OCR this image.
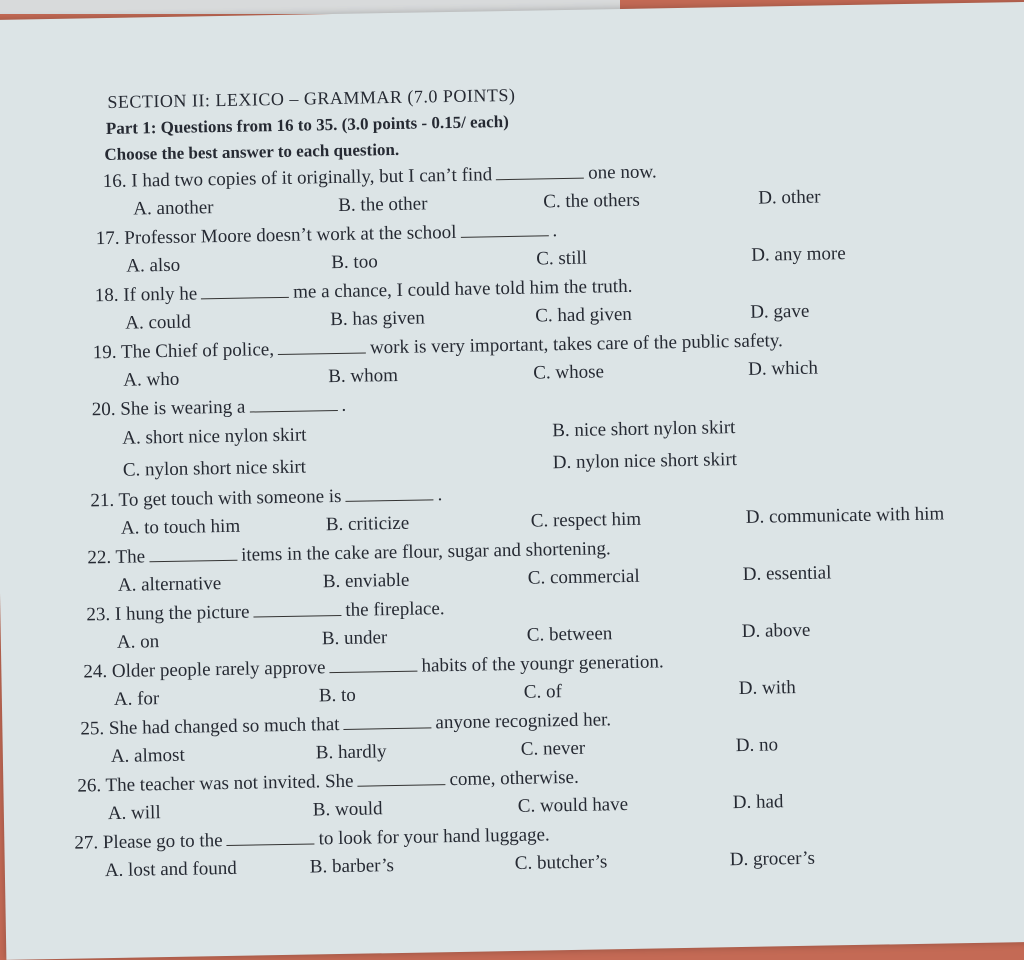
SECTION II: LEXICO – GRAMMAR (7.0 POINTS)
Part 1: Questions from 16 to 35. (3.0 points - 0.15/ each)
Choose the best answer to each question.
16. I had two copies of it originally, but I can’t find	one now.
A. another	B. the other	C. the others	D. other
17. Professor Moore doesn’t work at the school	.
A. also	B. too	C. still	D. any more
18. If only he	me a chance, I could have told him the truth.
A. could	B. has given	C. had given	D. gave
19. The Chief of police,	work is very important, takes care of the public safety.
A. who	B. whom	C. whose	D. which
20. She is wearing a	.
A. short nice nylon skirt	B. nice short nylon skirt
C. nylon short nice skirt	D. nylon nice short skirt
21. To get touch with someone is	.
A. to touch him	B. criticize	C. respect him	D. communicate with him
22. The	items in the cake are flour, sugar and shortening.
A. alternative	B. enviable	C. commercial	D. essential
23. I hung the picture	the fireplace.
A. on	B. under	C. between	D. above
24. Older people rarely approve	habits of the youngr generation.
A. for	B. to	C. of	D. with
25. She had changed so much that	anyone recognized her.
A. almost	B. hardly	C. never	D. no
26. The teacher was not invited. She	come, otherwise.
A. will	B. would	C. would have	D. had
27. Please go to the	to look for your hand luggage.
A. lost and found	B. barber’s	C. butcher’s	D. grocer’s
